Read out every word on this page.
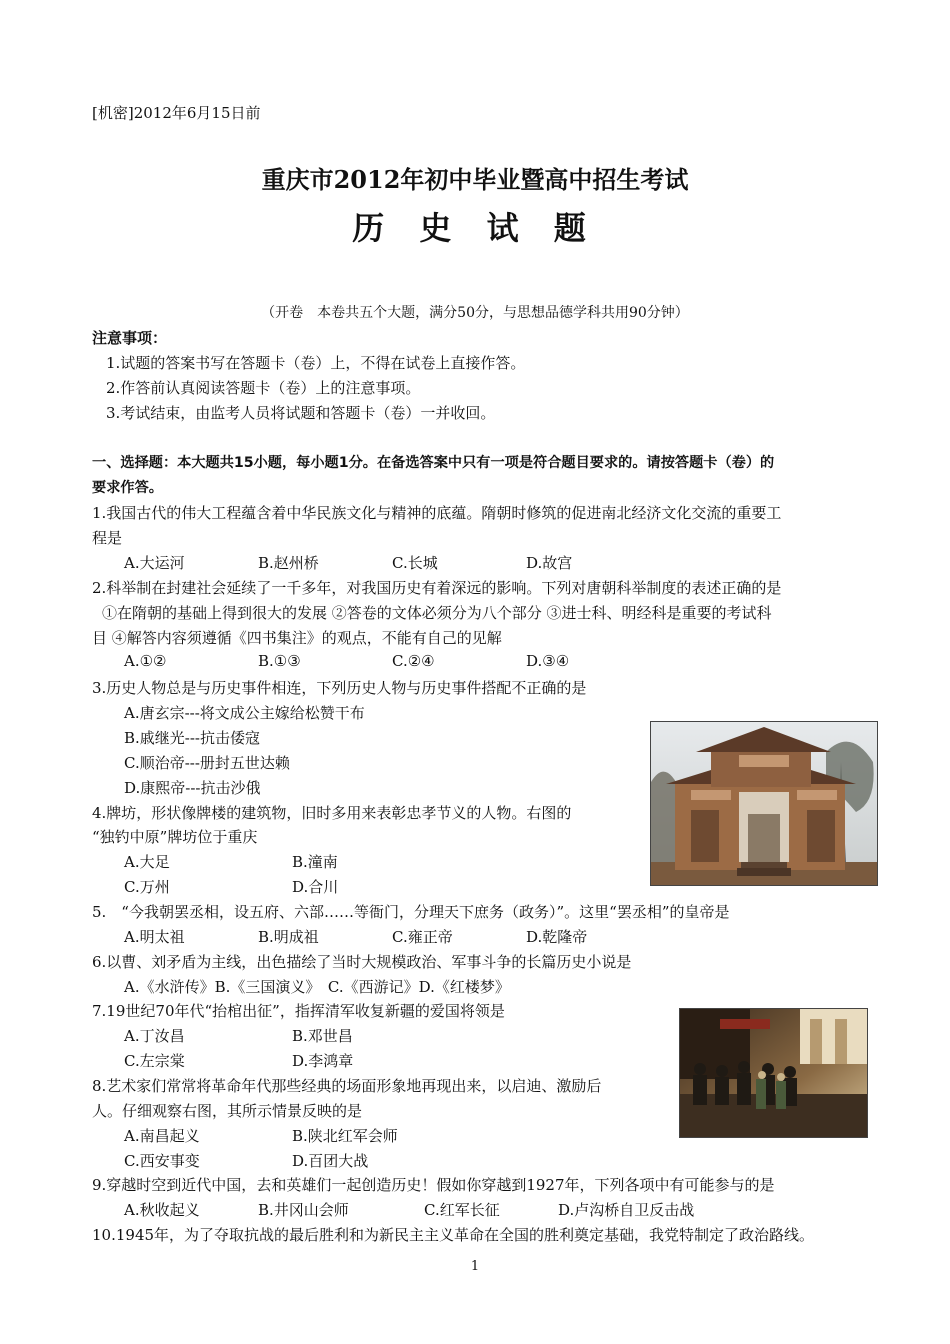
[机密]2012年6月15日前
重庆市2012年初中毕业暨高中招生考试
历 史 试 题
（开卷　本卷共五个大题，满分50分，与思想品德学科共用90分钟）
注意事项：
1.试题的答案书写在答题卡（卷）上，不得在试卷上直接作答。
2.作答前认真阅读答题卡（卷）上的注意事项。
3.考试结束，由监考人员将试题和答题卡（卷）一并收回。
一、选择题：本大题共15小题，每小题1分。在备选答案中只有一项是符合题目要求的。请按答题卡（卷）的
要求作答。
1.我国古代的伟大工程蕴含着中华民族文化与精神的底蕴。隋朝时修筑的促进南北经济文化交流的重要工
程是
A.大运河	B.赵州桥	C.长城	D.故宫
2.科举制在封建社会延续了一千多年，对我国历史有着深远的影响。下列对唐朝科举制度的表述正确的是
①在隋朝的基础上得到很大的发展 ②答卷的文体必须分为八个部分 ③进士科、明经科是重要的考试科
目 ④解答内容须遵循《四书集注》的观点，不能有自己的见解
A.①②	B.①③	C.②④	D.③④
3.历史人物总是与历史事件相连，下列历史人物与历史事件搭配不正确的是
A.唐玄宗---将文成公主嫁给松赞干布
B.戚继光---抗击倭寇
C.顺治帝---册封五世达赖
D.康熙帝---抗击沙俄
4.牌坊，形状像牌楼的建筑物，旧时多用来表彰忠孝节义的人物。右图的
“独钓中原”牌坊位于重庆
A.大足	B.潼南
C.万州	D.合川
5.　“今我朝罢丞相，设五府、六部……等衙门，分理天下庶务（政务）”。这里“罢丞相”的皇帝是
A.明太祖	B.明成祖	C.雍正帝	D.乾隆帝
6.以曹、刘矛盾为主线，出色描绘了当时大规模政治、军事斗争的长篇历史小说是
A.《水浒传》B.《三国演义》　C.《西游记》D.《红楼梦》
7.19世纪70年代“抬棺出征”，指挥清军收复新疆的爱国将领是
A.丁汝昌	B.邓世昌
C.左宗棠	D.李鸿章
8.艺术家们常常将革命年代那些经典的场面形象地再现出来，以启迪、激励后
人。仔细观察右图，其所示情景反映的是
A.南昌起义	B.陕北红军会师
C.西安事变	D.百团大战
9.穿越时空到近代中国，去和英雄们一起创造历史！假如你穿越到1927年，下列各项中有可能参与的是
A.秋收起义	B.井冈山会师	C.红军长征	D.卢沟桥自卫反击战
10.1945年，为了夺取抗战的最后胜利和为新民主主义革命在全国的胜利奠定基础，我党特制定了政治路线。
1
